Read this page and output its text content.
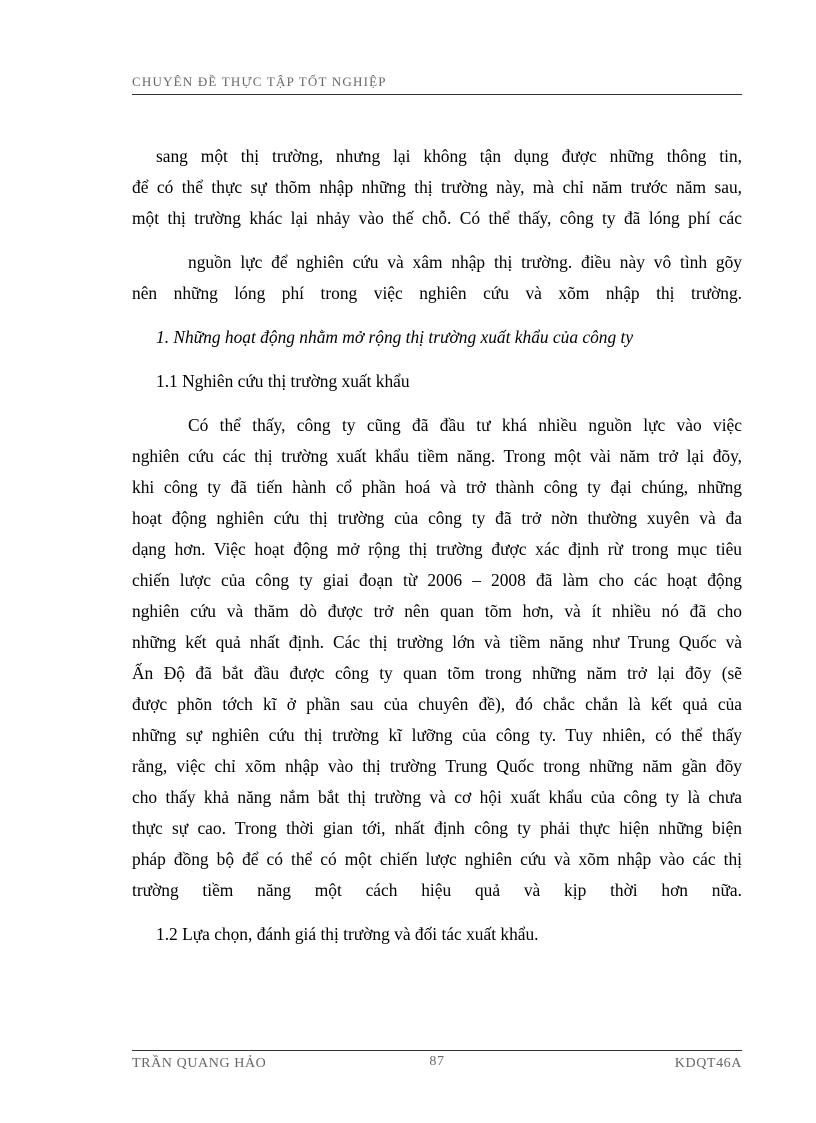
CHUYÊN ĐỀ THỰC TẬP TỐT NGHIỆP
sang một thị trường, nhưng lại không tận dụng được những thông tin,
để có thể thực sự thõm nhập những thị trường này, mà chỉ năm trước năm sau,
một thị trường khác lại nhảy vào thế chỗ. Có thể thấy, công ty đã lóng phí các
nguồn lực để nghiên cứu và xâm nhập thị trường. điều này vô tình gõy
nên những lóng phí trong việc nghiên cứu và xõm nhập thị trường.
1. Những hoạt động nhằm mở rộng thị trường xuất khẩu của công ty
1.1 Nghiên cứu thị trường xuất khẩu
Có thể thấy, công ty cũng đã đầu tư khá nhiều nguồn lực vào việc
nghiên cứu các thị trường xuất khẩu tiềm năng. Trong một vài năm trở lại đõy,
khi công ty đã tiến hành cổ phần hoá và trở thành công ty đại chúng, những
hoạt động nghiên cứu thị trường của công ty đã trở nờn thường xuyên và đa
dạng hơn. Việc hoạt động mở rộng thị trường được xác định rừ trong mục tiêu
chiến lược của công ty giai đoạn từ 2006 – 2008 đã làm cho các hoạt động
nghiên cứu và thăm dò được trở nên quan tõm hơn, và ít nhiều nó đã cho
những kết quả nhất định. Các thị trường lớn và tiềm năng như Trung Quốc và
Ấn Độ đã bắt đầu được công ty quan tõm trong những năm trở lại đõy (sẽ
được phõn tớch kĩ ở phần sau của chuyên đề), đó chắc chắn là kết quả của
những sự nghiên cứu thị trường kĩ lưỡng của công ty. Tuy nhiên, có thể thấy
rằng, việc chỉ xõm nhập vào thị trường Trung Quốc trong những năm gần đõy
cho thấy khả năng nắm bắt thị trường và cơ hội xuất khẩu của công ty là chưa
thực sự cao. Trong thời gian tới, nhất định công ty phải thực hiện những biện
pháp đồng bộ để có thể có một chiến lược nghiên cứu và xõm nhập vào các thị
trường tiềm năng một cách hiệu quả và kịp thời hơn nữa.
1.2 Lựa chọn, đánh giá thị trường và đối tác xuất khẩu.
TRẦN QUANG HẢO	87	KDQT46A
